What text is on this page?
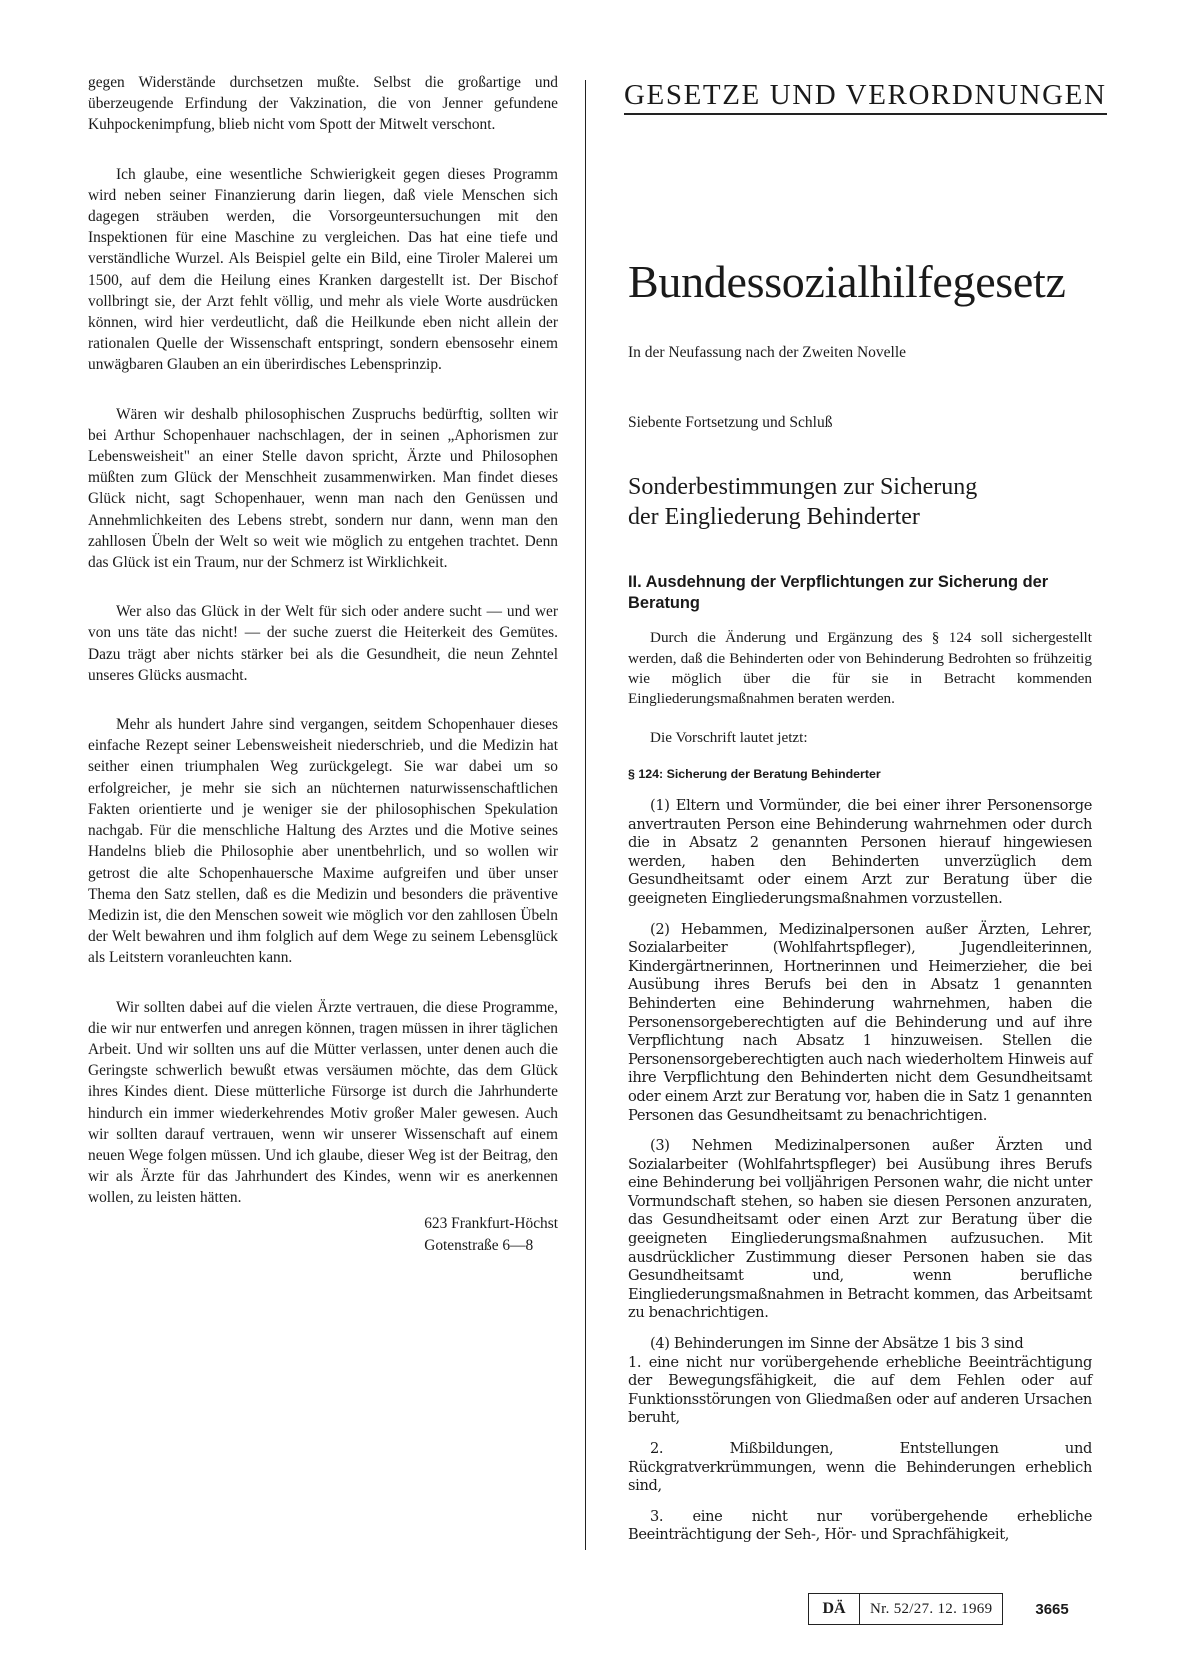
gegen Widerstände durchsetzen mußte. Selbst die großartige und überzeugende Erfindung der Vakzination, die von Jenner gefundene Kuhpockenimpfung, blieb nicht vom Spott der Mitwelt verschont.

Ich glaube, eine wesentliche Schwierigkeit gegen dieses Programm wird neben seiner Finanzierung darin liegen, daß viele Menschen sich dagegen sträuben werden, die Vorsorgeuntersuchungen mit den Inspektionen für eine Maschine zu vergleichen. Das hat eine tiefe und verständliche Wurzel. Als Beispiel gelte ein Bild, eine Tiroler Malerei um 1500, auf dem die Heilung eines Kranken dargestellt ist. Der Bischof vollbringt sie, der Arzt fehlt völlig, und mehr als viele Worte ausdrücken können, wird hier verdeutlicht, daß die Heilkunde eben nicht allein der rationalen Quelle der Wissenschaft entspringt, sondern ebensosehr einem unwägbaren Glauben an ein überirdisches Lebensprinzip.

Wären wir deshalb philosophischen Zuspruchs bedürftig, sollten wir bei Arthur Schopenhauer nachschlagen, der in seinen „Aphorismen zur Lebensweisheit" an einer Stelle davon spricht, Ärzte und Philosophen müßten zum Glück der Menschheit zusammenwirken. Man findet dieses Glück nicht, sagt Schopenhauer, wenn man nach den Genüssen und Annehmlichkeiten des Lebens strebt, sondern nur dann, wenn man den zahllosen Übeln der Welt so weit wie möglich zu entgehen trachtet. Denn das Glück ist ein Traum, nur der Schmerz ist Wirklichkeit.

Wer also das Glück in der Welt für sich oder andere sucht — und wer von uns täte das nicht! — der suche zuerst die Heiterkeit des Gemütes. Dazu trägt aber nichts stärker bei als die Gesundheit, die neun Zehntel unseres Glücks ausmacht.

Mehr als hundert Jahre sind vergangen, seitdem Schopenhauer dieses einfache Rezept seiner Lebensweisheit niederschrieb, und die Medizin hat seither einen triumphalen Weg zurückgelegt. Sie war dabei um so erfolgreicher, je mehr sie sich an nüchternen naturwissenschaftlichen Fakten orientierte und je weniger sie der philosophischen Spekulation nachgab. Für die menschliche Haltung des Arztes und die Motive seines Handelns blieb die Philosophie aber unentbehrlich, und so wollen wir getrost die alte Schopenhauersche Maxime aufgreifen und über unser Thema den Satz stellen, daß es die Medizin und besonders die präventive Medizin ist, die den Menschen soweit wie möglich vor den zahllosen Übeln der Welt bewahren und ihm folglich auf dem Wege zu seinem Lebensglück als Leitstern voranleuchten kann.

Wir sollten dabei auf die vielen Ärzte vertrauen, die diese Programme, die wir nur entwerfen und anregen können, tragen müssen in ihrer täglichen Arbeit. Und wir sollten uns auf die Mütter verlassen, unter denen auch die Geringste schwerlich bewußt etwas versäumen möchte, das dem Glück ihres Kindes dient. Diese mütterliche Fürsorge ist durch die Jahrhunderte hindurch ein immer wiederkehrendes Motiv großer Maler gewesen. Auch wir sollten darauf vertrauen, wenn wir unserer Wissenschaft auf einem neuen Wege folgen müssen. Und ich glaube, dieser Weg ist der Beitrag, den wir als Ärzte für das Jahrhundert des Kindes, wenn wir es anerkennen wollen, zu leisten hätten.

623 Frankfurt-Höchst
Gotenstraße 6—8
GESETZE UND VERORDNUNGEN
Bundessozialhilfegesetz
In der Neufassung nach der Zweiten Novelle
Siebente Fortsetzung und Schluß
Sonderbestimmungen zur Sicherung
der Eingliederung Behinderter
II. Ausdehnung der Verpflichtungen zur Sicherung der Beratung
Durch die Änderung und Ergänzung des § 124 soll sichergestellt werden, daß die Behinderten oder von Behinderung Bedrohten so frühzeitig wie möglich über die für sie in Betracht kommenden Eingliederungsmaßnahmen beraten werden.
Die Vorschrift lautet jetzt:
§ 124: Sicherung der Beratung Behinderter

(1) Eltern und Vormünder, die bei einer ihrer Personensorge anvertrauten Person eine Behinderung wahrnehmen oder durch die in Absatz 2 genannten Personen hierauf hingewiesen werden, haben den Behinderten unverzüglich dem Gesundheitsamt oder einem Arzt zur Beratung über die geeigneten Eingliederungsmaßnahmen vorzustellen.

(2) Hebammen, Medizinalpersonen außer Ärzten, Lehrer, Sozialarbeiter (Wohlfahrtspfleger), Jugendleiterinnen, Kindergärtnerinnen, Hortnerinnen und Heimerzieher, die bei Ausübung ihres Berufs bei den in Absatz 1 genannten Behinderten eine Behinderung wahrnehmen, haben die Personensorgeberechtigten auf die Behinderung und auf ihre Verpflichtung nach Absatz 1 hinzuweisen. Stellen die Personensorgeberechtigten auch nach wiederholtem Hinweis auf ihre Verpflichtung den Behinderten nicht dem Gesundheitsamt oder einem Arzt zur Beratung vor, haben die in Satz 1 genannten Personen das Gesundheitsamt zu benachrichtigen.

(3) Nehmen Medizinalpersonen außer Ärzten und Sozialarbeiter (Wohlfahrtspfleger) bei Ausübung ihres Berufs eine Behinderung bei volljährigen Personen wahr, die nicht unter Vormundschaft stehen, so haben sie diesen Personen anzuraten, das Gesundheitsamt oder einen Arzt zur Beratung über die geeigneten Eingliederungsmaßnahmen aufzusuchen. Mit ausdrücklicher Zustimmung dieser Personen haben sie das Gesundheitsamt und, wenn berufliche Eingliederungsmaßnahmen in Betracht kommen, das Arbeitsamt zu benachrichtigen.

(4) Behinderungen im Sinne der Absätze 1 bis 3 sind
1. eine nicht nur vorübergehende erhebliche Beeinträchtigung der Bewegungsfähigkeit, die auf dem Fehlen oder auf Funktionsstörungen von Gliedmaßen oder auf anderen Ursachen beruht,

2. Mißbildungen, Entstellungen und Rückgratverkrümmungen, wenn die Behinderungen erheblich sind,

3. eine nicht nur vorübergehende erhebliche Beeinträchtigung der Seh-, Hör- und Sprachfähigkeit,

DÄ	Nr. 52/27. 12. 1969	3665
